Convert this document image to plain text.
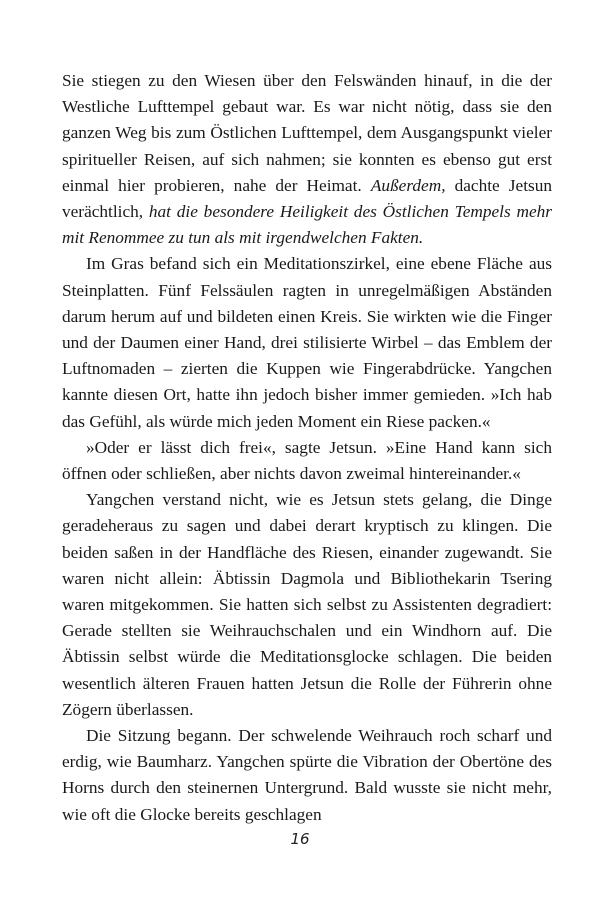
Sie stiegen zu den Wiesen über den Felswänden hinauf, in die der Westliche Lufttempel gebaut war. Es war nicht nötig, dass sie den ganzen Weg bis zum Östlichen Lufttempel, dem Ausgangspunkt vieler spiritueller Reisen, auf sich nahmen; sie konnten es ebenso gut erst einmal hier probieren, nahe der Heimat. Außerdem, dachte Jetsun verächtlich, hat die besondere Heiligkeit des Östlichen Tempels mehr mit Renommee zu tun als mit irgendwelchen Fakten.

Im Gras befand sich ein Meditationszirkel, eine ebene Fläche aus Steinplatten. Fünf Felssäulen ragten in unregelmäßigen Abständen darum herum auf und bildeten einen Kreis. Sie wirkten wie die Finger und der Daumen einer Hand, drei stilisierte Wirbel – das Emblem der Luftnomaden – zierten die Kuppen wie Fingerabdrücke. Yangchen kannte diesen Ort, hatte ihn jedoch bisher immer gemieden. »Ich hab das Gefühl, als würde mich jeden Moment ein Riese packen.«

»Oder er lässt dich frei«, sagte Jetsun. »Eine Hand kann sich öffnen oder schließen, aber nichts davon zweimal hintereinander.«

Yangchen verstand nicht, wie es Jetsun stets gelang, die Dinge geradeheraus zu sagen und dabei derart kryptisch zu klingen. Die beiden saßen in der Handfläche des Riesen, einander zugewandt. Sie waren nicht allein: Äbtissin Dagmola und Bibliothekarin Tsering waren mitgekommen. Sie hatten sich selbst zu Assistenten degradiert: Gerade stellten sie Weihrauchschalen und ein Windhorn auf. Die Äbtissin selbst würde die Meditationsglocke schlagen. Die beiden wesentlich älteren Frauen hatten Jetsun die Rolle der Führerin ohne Zögern überlassen.

Die Sitzung begann. Der schwelende Weihrauch roch scharf und erdig, wie Baumharz. Yangchen spürte die Vibration der Obertöne des Horns durch den steinernen Untergrund. Bald wusste sie nicht mehr, wie oft die Glocke bereits geschlagen

16
